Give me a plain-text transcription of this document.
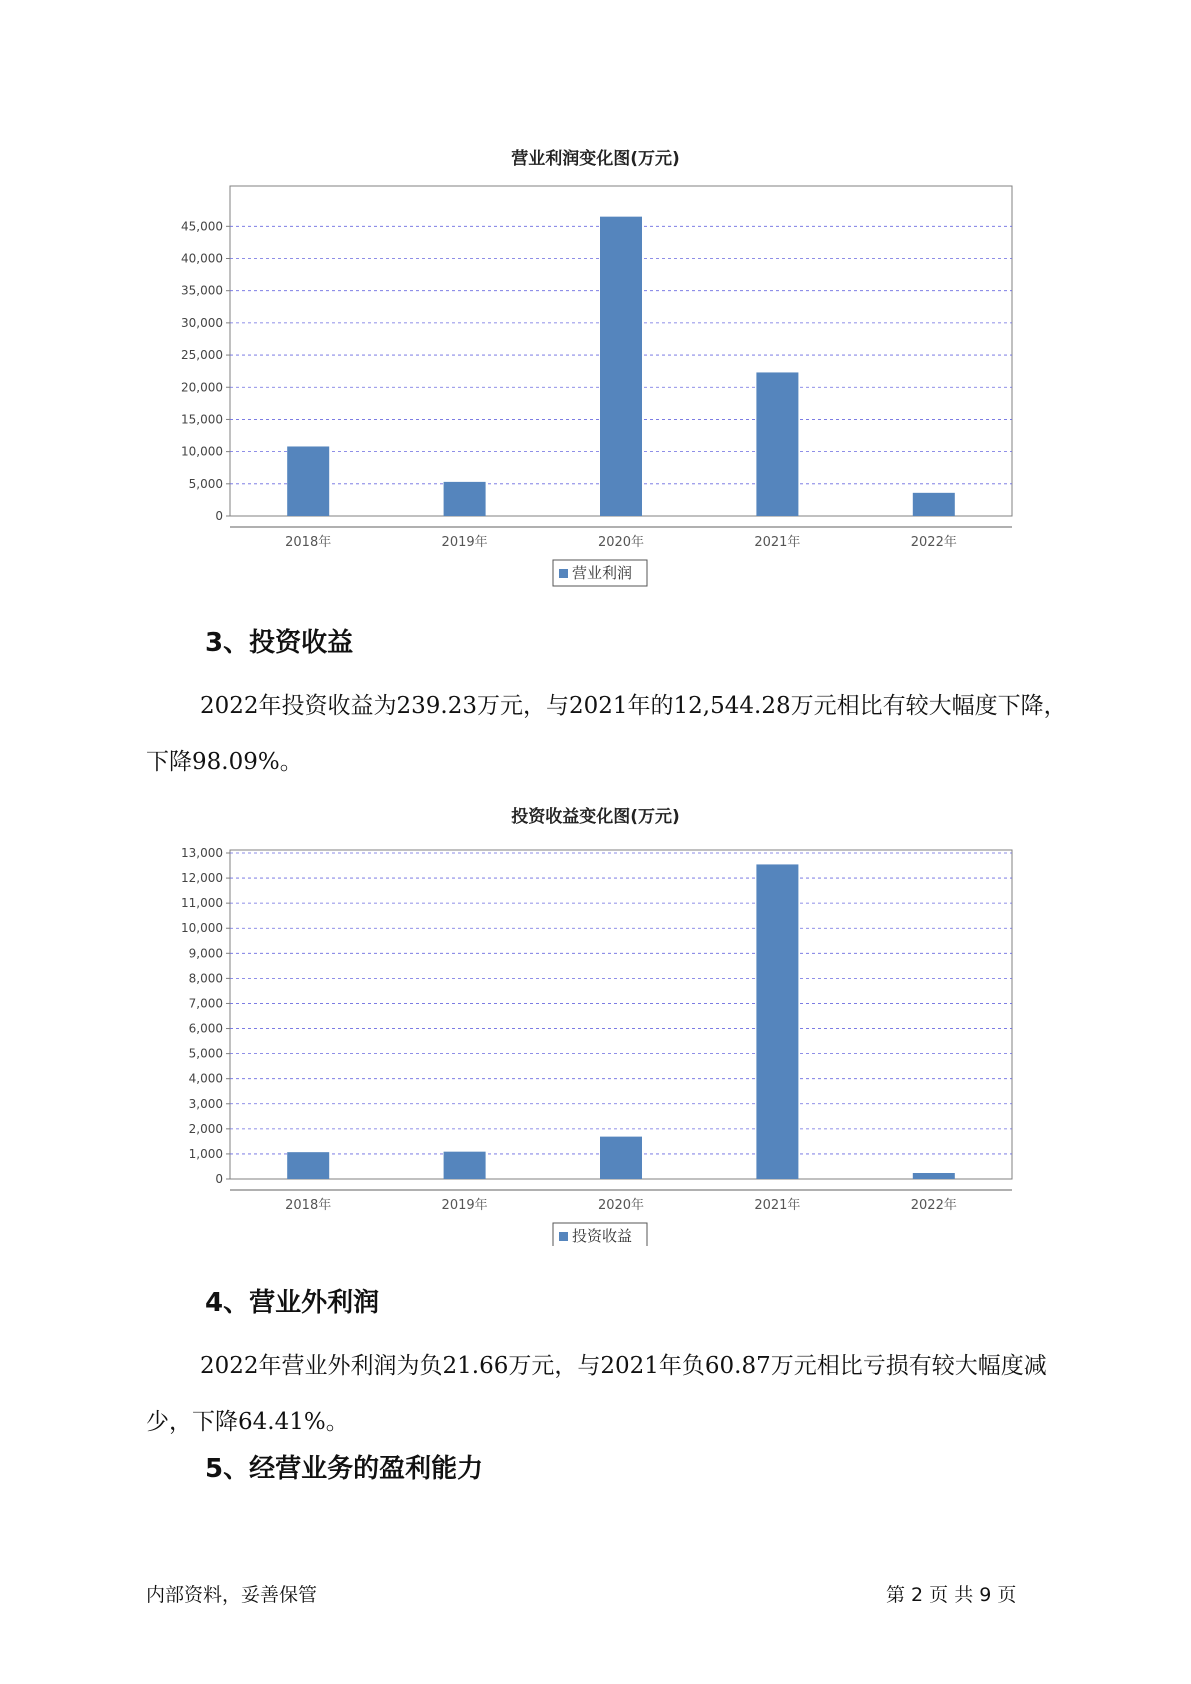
营业利润变化图(万元)
0
5,000
10,000
15,000
20,000
25,000
30,000
35,000
40,000
45,000
2018年	2019年	2020年	2021年	2022年
营业利润
3、投资收益
2022年投资收益为239.23万元，与2021年的12,544.28万元相比有较大幅度下降，下降98.09%。
投资收益变化图(万元)
0
1,000
2,000
3,000
4,000
5,000
6,000
7,000
8,000
9,000
10,000
11,000
12,000
13,000
2018年	2019年	2020年	2021年	2022年
投资收益
4、营业外利润
2022年营业外利润为负21.66万元，与2021年负60.87万元相比亏损有较大幅度减少，下降64.41%。
5、经营业务的盈利能力
内部资料，妥善保管	第 2 页 共 9 页
